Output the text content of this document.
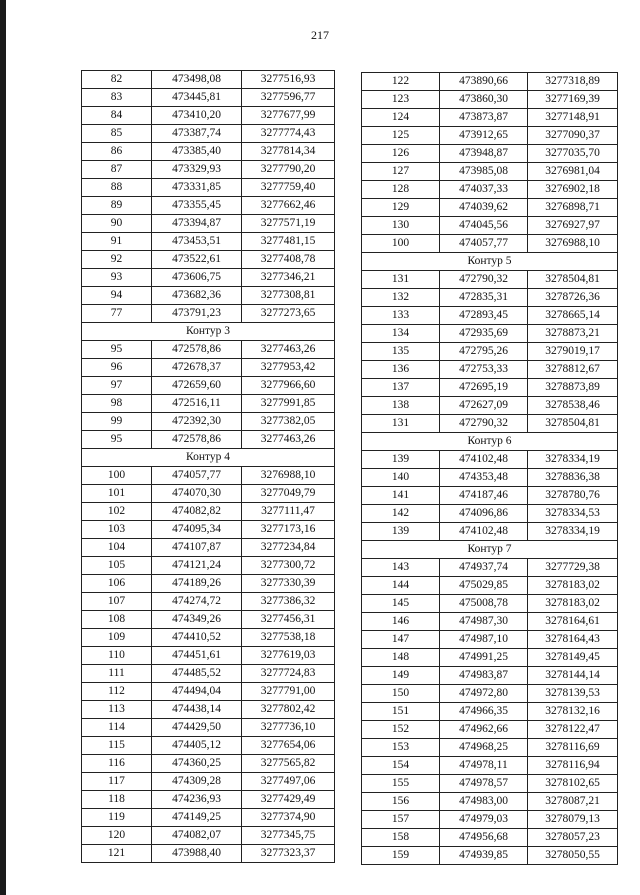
217
82	473498,08	3277516,93
83	473445,81	3277596,77
84	473410,20	3277677,99
85	473387,74	3277774,43
86	473385,40	3277814,34
87	473329,93	3277790,20
88	473331,85	3277759,40
89	473355,45	3277662,46
90	473394,87	3277571,19
91	473453,51	3277481,15
92	473522,61	3277408,78
93	473606,75	3277346,21
94	473682,36	3277308,81
77	473791,23	3277273,65
Контур 3		
95	472578,86	3277463,26
96	472678,37	3277953,42
97	472659,60	3277966,60
98	472516,11	3277991,85
99	472392,30	3277382,05
95	472578,86	3277463,26
Контур 4		
100	474057,77	3276988,10
101	474070,30	3277049,79
102	474082,82	3277111,47
103	474095,34	3277173,16
104	474107,87	3277234,84
105	474121,24	3277300,72
106	474189,26	3277330,39
107	474274,72	3277386,32
108	474349,26	3277456,31
109	474410,52	3277538,18
110	474451,61	3277619,03
111	474485,52	3277724,83
112	474494,04	3277791,00
113	474438,14	3277802,42
114	474429,50	3277736,10
115	474405,12	3277654,06
116	474360,25	3277565,82
117	474309,28	3277497,06
118	474236,93	3277429,49
119	474149,25	3277374,90
120	474082,07	3277345,75
121	473988,40	3277323,37
122	473890,66	3277318,89
123	473860,30	3277169,39
124	473873,87	3277148,91
125	473912,65	3277090,37
126	473948,87	3277035,70
127	473985,08	3276981,04
128	474037,33	3276902,18
129	474039,62	3276898,71
130	474045,56	3276927,97
100	474057,77	3276988,10
Контур 5		
131	472790,32	3278504,81
132	472835,31	3278726,36
133	472893,45	3278665,14
134	472935,69	3278873,21
135	472795,26	3279019,17
136	472753,33	3278812,67
137	472695,19	3278873,89
138	472627,09	3278538,46
131	472790,32	3278504,81
Контур 6		
139	474102,48	3278334,19
140	474353,48	3278836,38
141	474187,46	3278780,76
142	474096,86	3278334,53
139	474102,48	3278334,19
Контур 7		
143	474937,74	3277729,38
144	475029,85	3278183,02
145	475008,78	3278183,02
146	474987,30	3278164,61
147	474987,10	3278164,43
148	474991,25	3278149,45
149	474983,87	3278144,14
150	474972,80	3278139,53
151	474966,35	3278132,16
152	474962,66	3278122,47
153	474968,25	3278116,69
154	474978,11	3278116,94
155	474978,57	3278102,65
156	474983,00	3278087,21
157	474979,03	3278079,13
158	474956,68	3278057,23
159	474939,85	3278050,55
